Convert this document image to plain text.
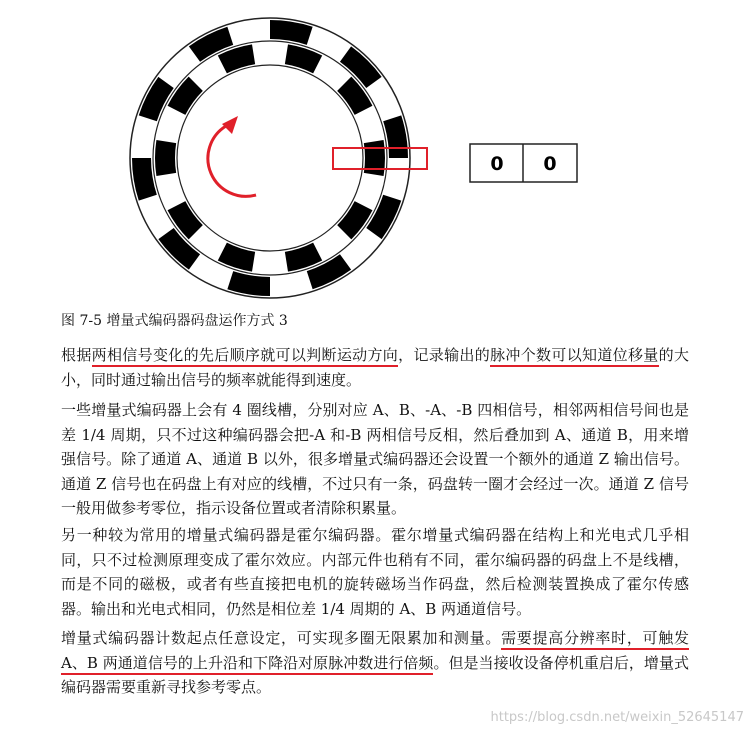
0 0
图 7-5 增量式编码器码盘运作方式 3

根据两相信号变化的先后顺序就可以判断运动方向，记录输出的脉冲个数可以知道位移量的大小，同时通过输出信号的频率就能得到速度。

一些增量式编码器上会有 4 圈线槽，分别对应 A、B、-A、-B 四相信号，相邻两相信号间也是差 1/4 周期，只不过这种编码器会把-A 和-B 两相信号反相，然后叠加到 A、通道 B，用来增强信号。除了通道 A、通道 B 以外，很多增量式编码器还会设置一个额外的通道 Z 输出信号。通道 Z 信号也在码盘上有对应的线槽，不过只有一条，码盘转一圈才会经过一次。通道 Z 信号一般用做参考零位，指示设备位置或者清除积累量。

另一种较为常用的增量式编码器是霍尔编码器。霍尔增量式编码器在结构上和光电式几乎相同，只不过检测原理变成了霍尔效应。内部元件也稍有不同，霍尔编码器的码盘上不是线槽，而是不同的磁极，或者有些直接把电机的旋转磁场当作码盘，然后检测装置换成了霍尔传感器。输出和光电式相同，仍然是相位差 1/4 周期的 A、B 两通道信号。

增量式编码器计数起点任意设定，可实现多圈无限累加和测量。需要提高分辨率时，可触发 A、B 两通道信号的上升沿和下降沿对原脉冲数进行倍频。但是当接收设备停机重启后，增量式编码器需要重新寻找参考零点。

https://blog.csdn.net/weixin_52645147
